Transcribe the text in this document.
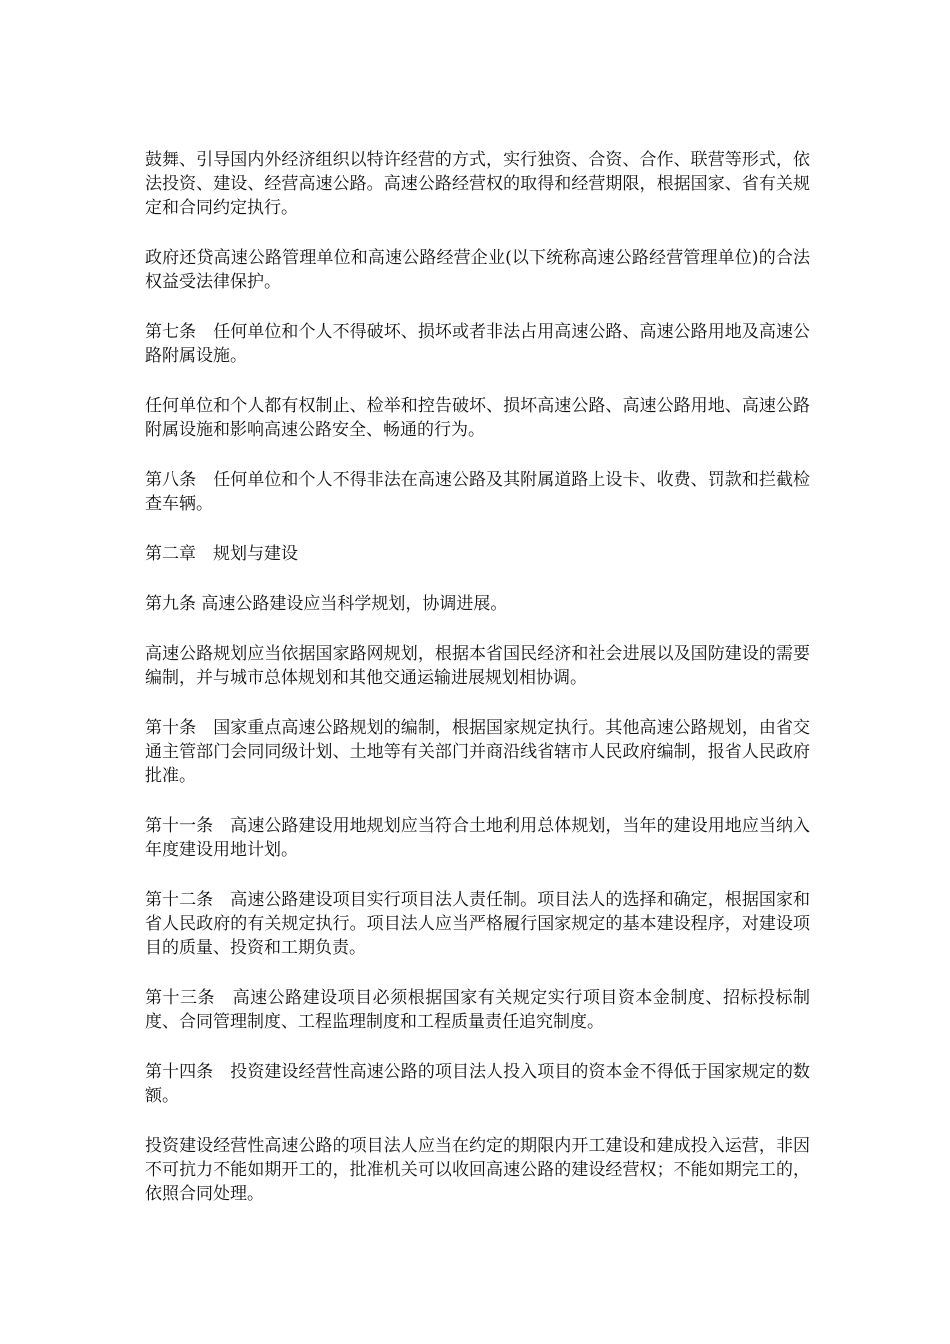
鼓舞、引导国内外经济组织以特许经营的方式，实行独资、合资、合作、联营等形式，依法投资、建设、经营高速公路。高速公路经营权的取得和经营期限，根据国家、省有关规定和合同约定执行。

政府还贷高速公路管理单位和高速公路经营企业(以下统称高速公路经营管理单位)的合法权益受法律保护。

第七条　任何单位和个人不得破坏、损坏或者非法占用高速公路、高速公路用地及高速公路附属设施。

任何单位和个人都有权制止、检举和控告破坏、损坏高速公路、高速公路用地、高速公路附属设施和影响高速公路安全、畅通的行为。

第八条　任何单位和个人不得非法在高速公路及其附属道路上设卡、收费、罚款和拦截检查车辆。

第二章　规划与建设

第九条 高速公路建设应当科学规划，协调进展。

高速公路规划应当依据国家路网规划，根据本省国民经济和社会进展以及国防建设的需要编制，并与城市总体规划和其他交通运输进展规划相协调。

第十条　国家重点高速公路规划的编制，根据国家规定执行。其他高速公路规划，由省交通主管部门会同同级计划、土地等有关部门并商沿线省辖市人民政府编制，报省人民政府批准。

第十一条　高速公路建设用地规划应当符合土地利用总体规划，当年的建设用地应当纳入年度建设用地计划。

第十二条　高速公路建设项目实行项目法人责任制。项目法人的选择和确定，根据国家和省人民政府的有关规定执行。项目法人应当严格履行国家规定的基本建设程序，对建设项目的质量、投资和工期负责。

第十三条　高速公路建设项目必须根据国家有关规定实行项目资本金制度、招标投标制度、合同管理制度、工程监理制度和工程质量责任追究制度。

第十四条　投资建设经营性高速公路的项目法人投入项目的资本金不得低于国家规定的数额。

投资建设经营性高速公路的项目法人应当在约定的期限内开工建设和建成投入运营，非因不可抗力不能如期开工的，批准机关可以收回高速公路的建设经营权；不能如期完工的，依照合同处理。
